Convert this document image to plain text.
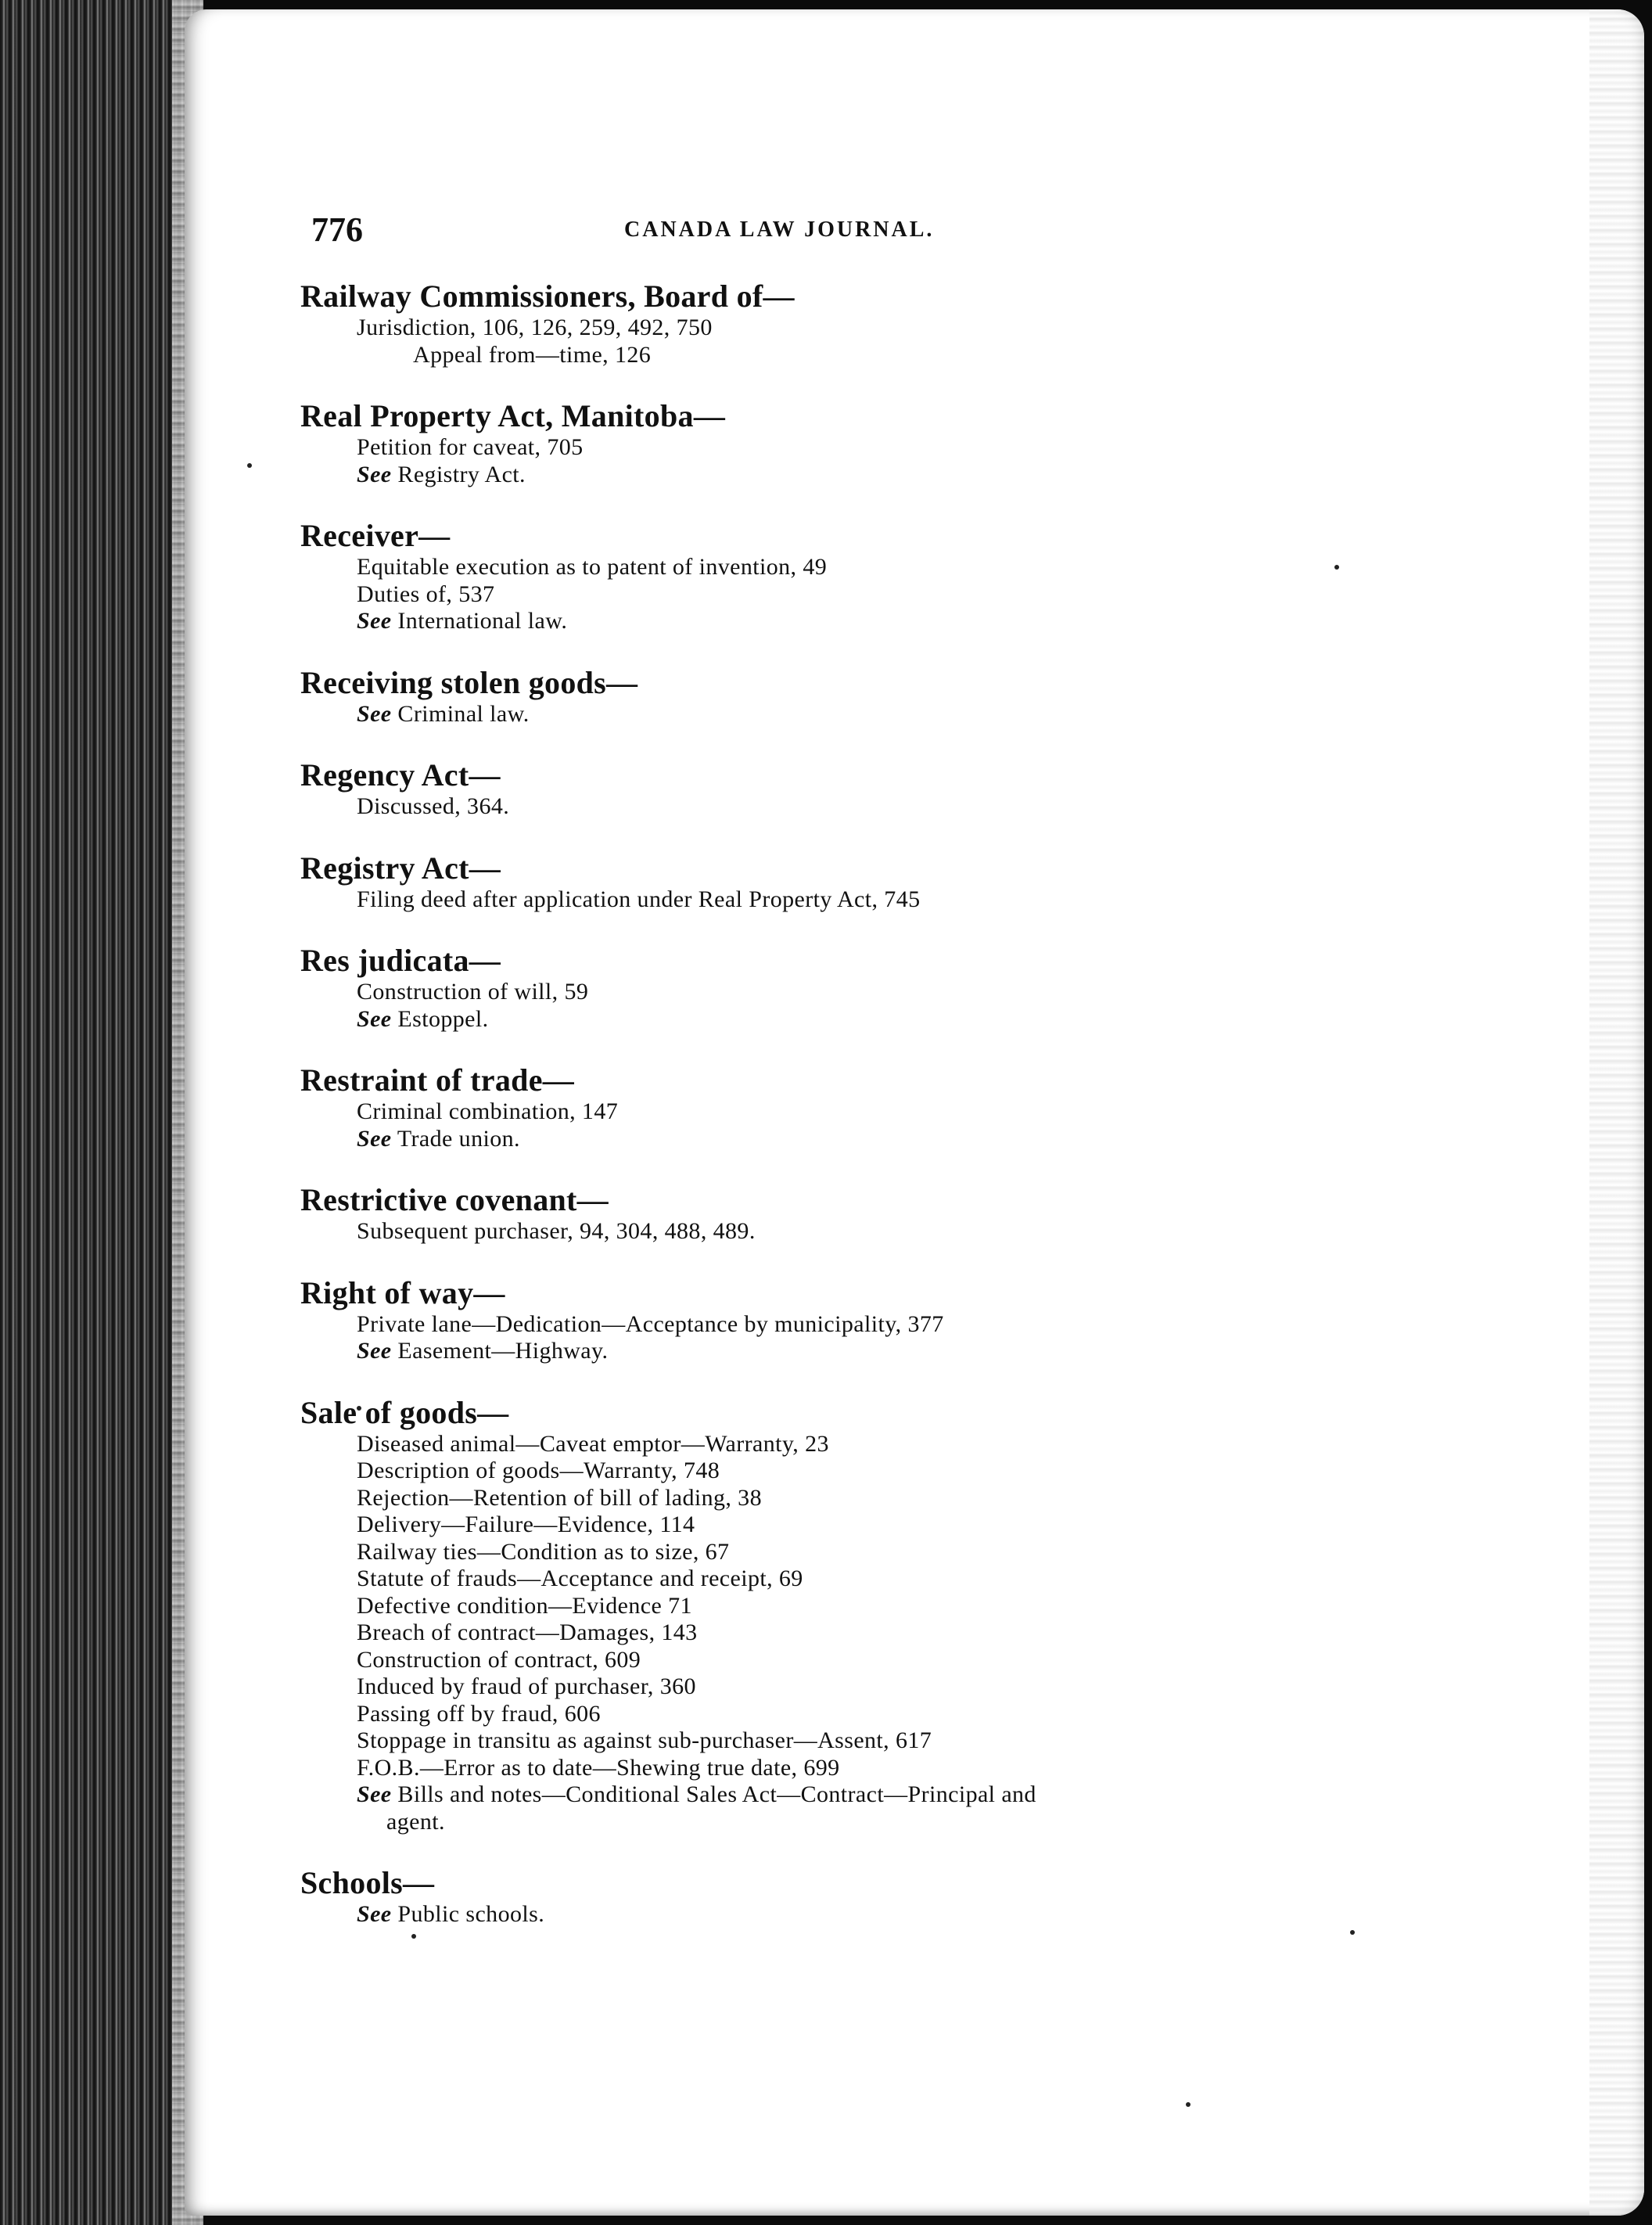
776	CANADA LAW JOURNAL.
Railway Commissioners, Board of—
Jurisdiction, 106, 126, 259, 492, 750
Appeal from—time, 126
Real Property Act, Manitoba—
Petition for caveat, 705
See Registry Act.
Receiver—
Equitable execution as to patent of invention, 49
Duties of, 537
See International law.
Receiving stolen goods—
See Criminal law.
Regency Act—
Discussed, 364.
Registry Act—
Filing deed after application under Real Property Act, 745
Res judicata—
Construction of will, 59
See Estoppel.
Restraint of trade—
Criminal combination, 147
See Trade union.
Restrictive covenant—
Subsequent purchaser, 94, 304, 488, 489.
Right of way—
Private lane—Dedication—Acceptance by municipality, 377
See Easement—Highway.
Sale of goods—
Diseased animal—Caveat emptor—Warranty, 23
Description of goods—Warranty, 748
Rejection—Retention of bill of lading, 38
Delivery—Failure—Evidence, 114
Railway ties—Condition as to size, 67
Statute of frauds—Acceptance and receipt, 69
Defective condition—Evidence 71
Breach of contract—Damages, 143
Construction of contract, 609
Induced by fraud of purchaser, 360
Passing off by fraud, 606
Stoppage in transitu as against sub-purchaser—Assent, 617
F.O.B.—Error as to date—Shewing true date, 699
See Bills and notes—Conditional Sales Act—Contract—Principal and
agent.
Schools—
See Public schools.
